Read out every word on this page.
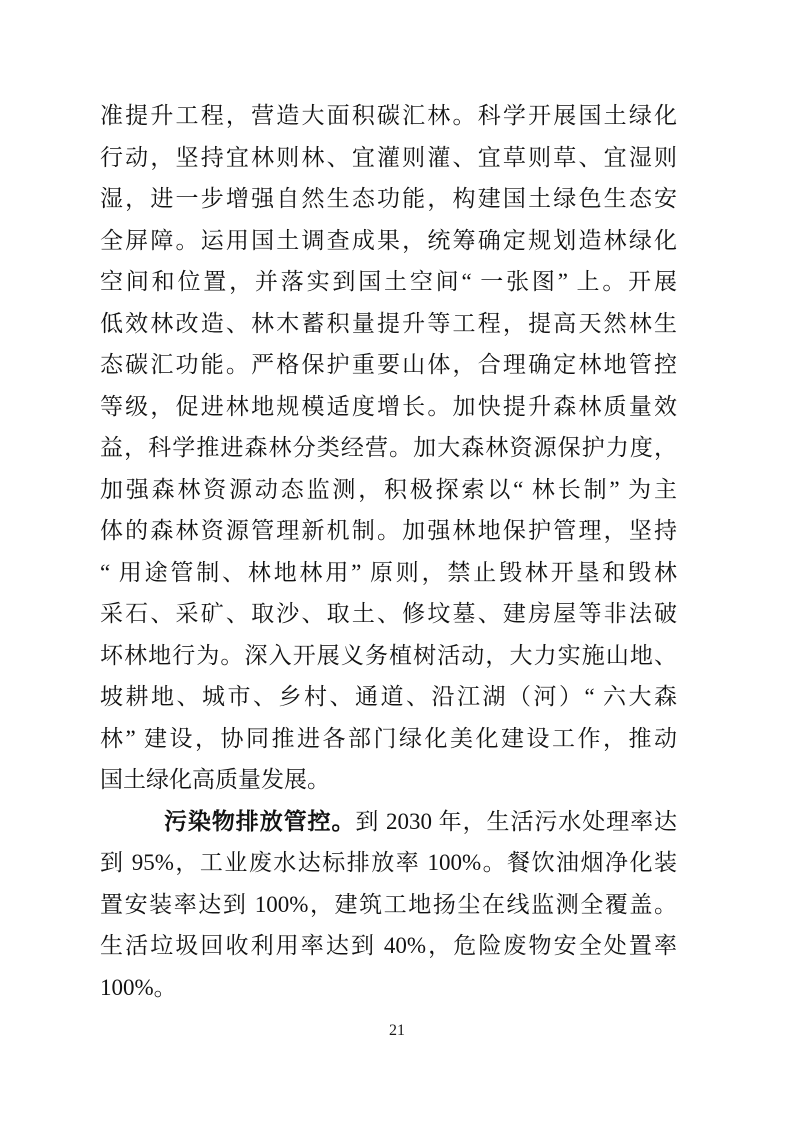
准提升工程，营造大面积碳汇林。科学开展国土绿化
行动，坚持宜林则林、宜灌则灌、宜草则草、宜湿则
湿，进一步增强自然生态功能，构建国土绿色生态安
全屏障。运用国土调查成果，统筹确定规划造林绿化
空间和位置，并落实到国土空间“ 一张图” 上。开展
低效林改造、林木蓄积量提升等工程，提高天然林生
态碳汇功能。严格保护重要山体，合理确定林地管控
等级，促进林地规模适度增长。加快提升森林质量效
益，科学推进森林分类经营。加大森林资源保护力度，
加强森林资源动态监测，积极探索以“ 林长制” 为主
体的森林资源管理新机制。加强林地保护管理，坚持
“ 用途管制、林地林用” 原则，禁止毁林开垦和毁林
采石、采矿、取沙、取土、修坟墓、建房屋等非法破
坏林地行为。深入开展义务植树活动，大力实施山地、
坡耕地、城市、乡村、通道、沿江湖（河）“ 六大森
林” 建设，协同推进各部门绿化美化建设工作，推动
国土绿化高质量发展。
污染物排放管控。到 2030 年，生活污水处理率达
到 95%，工业废水达标排放率 100%。餐饮油烟净化装
置安装率达到 100%，建筑工地扬尘在线监测全覆盖。
生活垃圾回收利用率达到 40%，危险废物安全处置率
100%。
21
